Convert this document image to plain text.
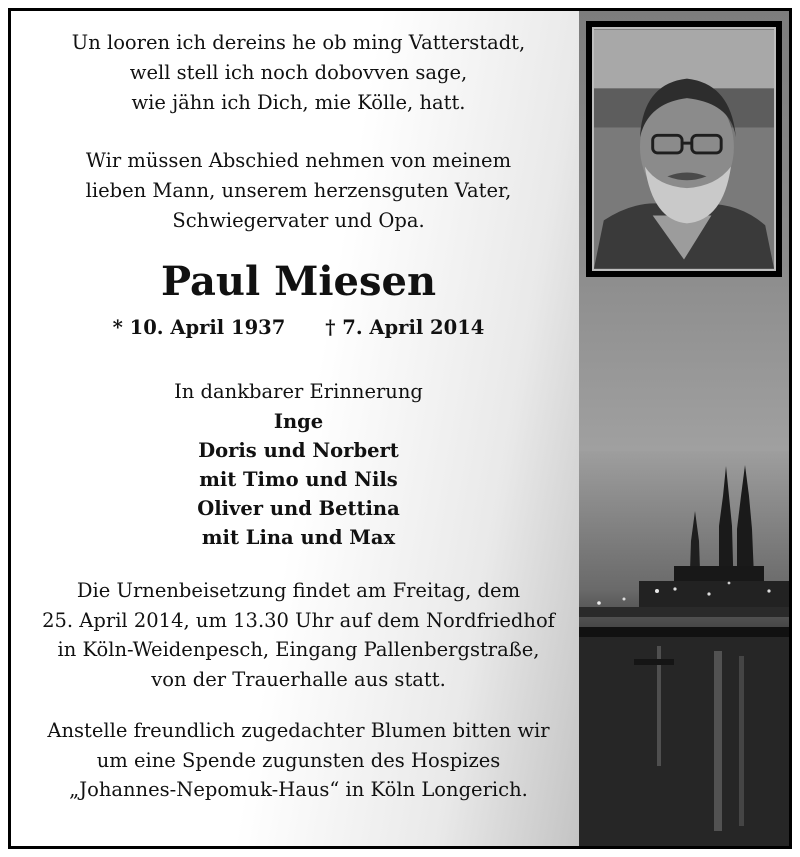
Un looren ich dereins he ob ming Vatterstadt,
well stell ich noch dobovven sage,
wie jähn ich Dich, mie Kölle, hatt.
Wir müssen Abschied nehmen von meinem
lieben Mann, unserem herzensguten Vater,
Schwiegervater und Opa.
Paul Miesen
* 10. April 1937 † 7. April 2014
In dankbarer Erinnerung
Inge
Doris und Norbert
mit Timo und Nils
Oliver und Bettina
mit Lina und Max
Die Urnenbeisetzung findet am Freitag, dem
25. April 2014, um 13.30 Uhr auf dem Nordfriedhof
in Köln-Weidenpesch, Eingang Pallenbergstraße,
von der Trauerhalle aus statt.
Anstelle freundlich zugedachter Blumen bitten wir
um eine Spende zugunsten des Hospizes
„Johannes-Nepomuk-Haus“ in Köln Longerich.
